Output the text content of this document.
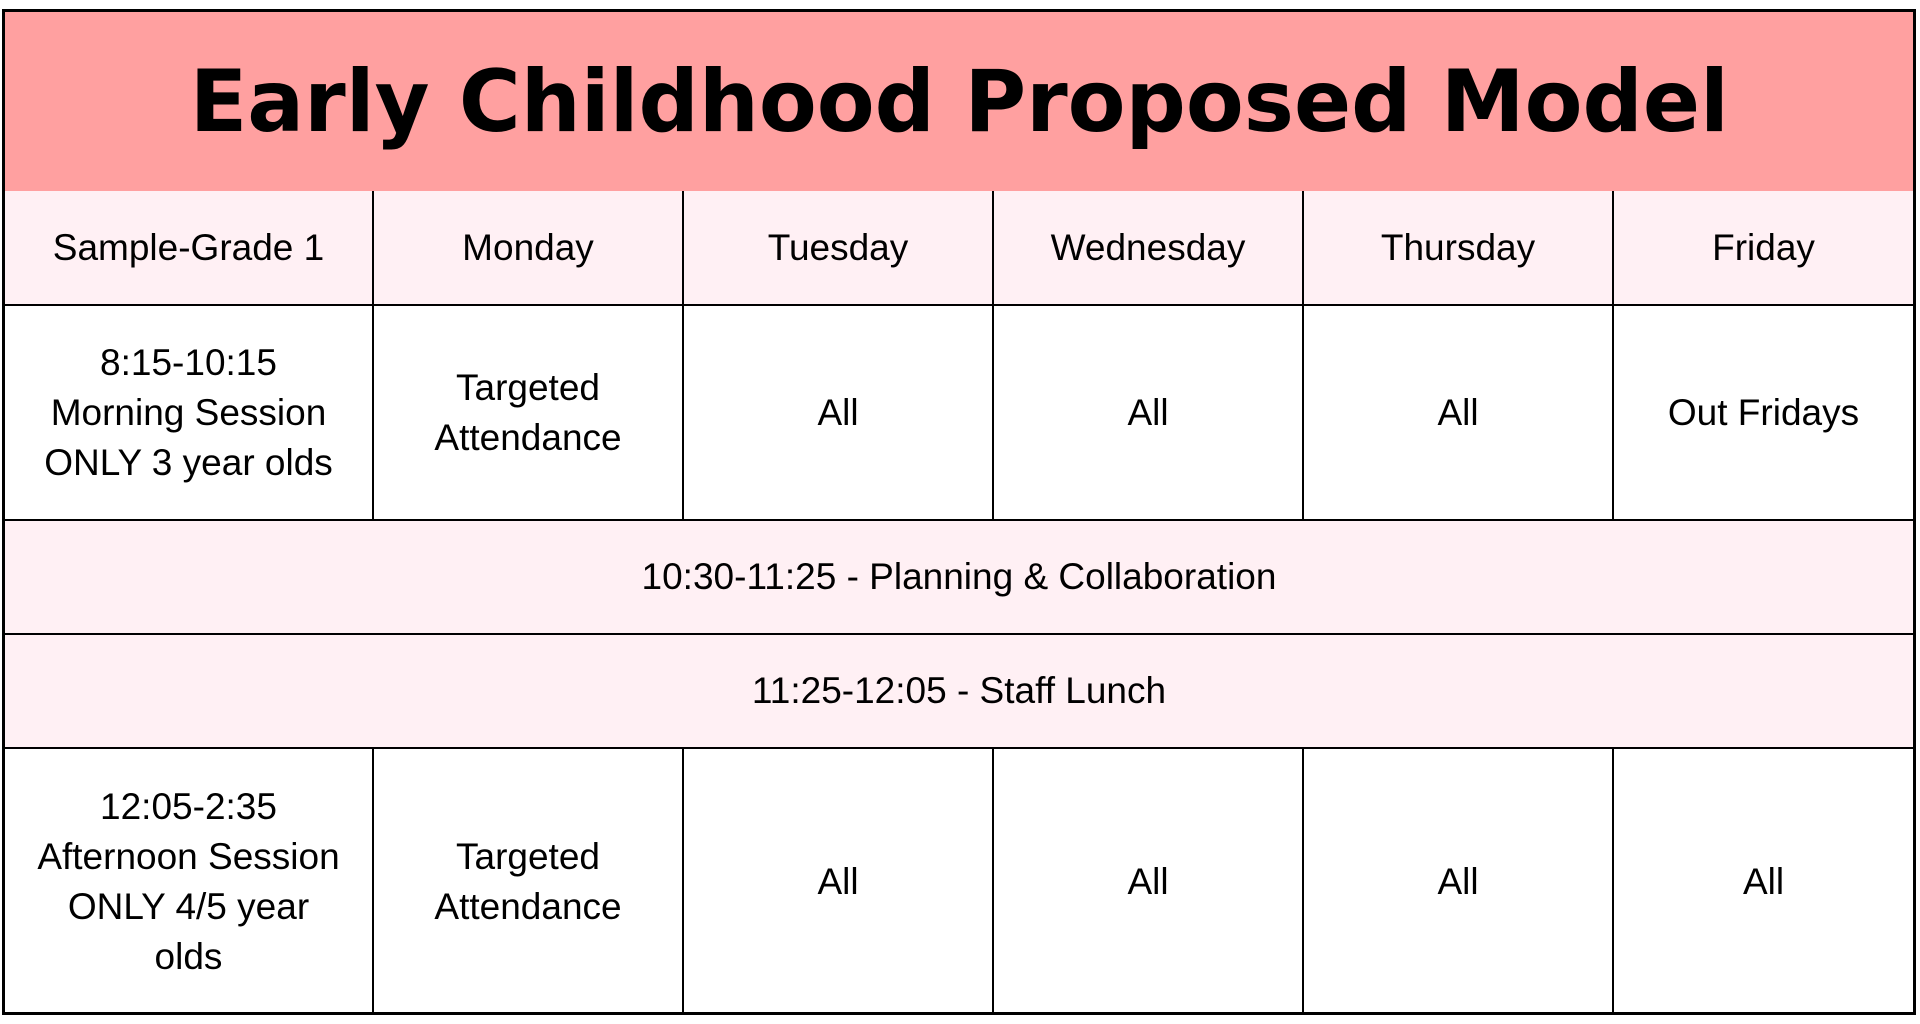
Early Childhood Proposed Model
Sample-Grade 1	Monday	Tuesday	Wednesday	Thursday	Friday

8:15-10:15
Morning Session
ONLY 3 year olds	Targeted
Attendance	All	All	All	Out Fridays
10:30-11:25 - Planning & Collaboration					
11:25-12:05 - Staff Lunch					

12:05-2:35
Afternoon Session
ONLY 4/5 year
olds	Targeted
Attendance	All	All	All	All
